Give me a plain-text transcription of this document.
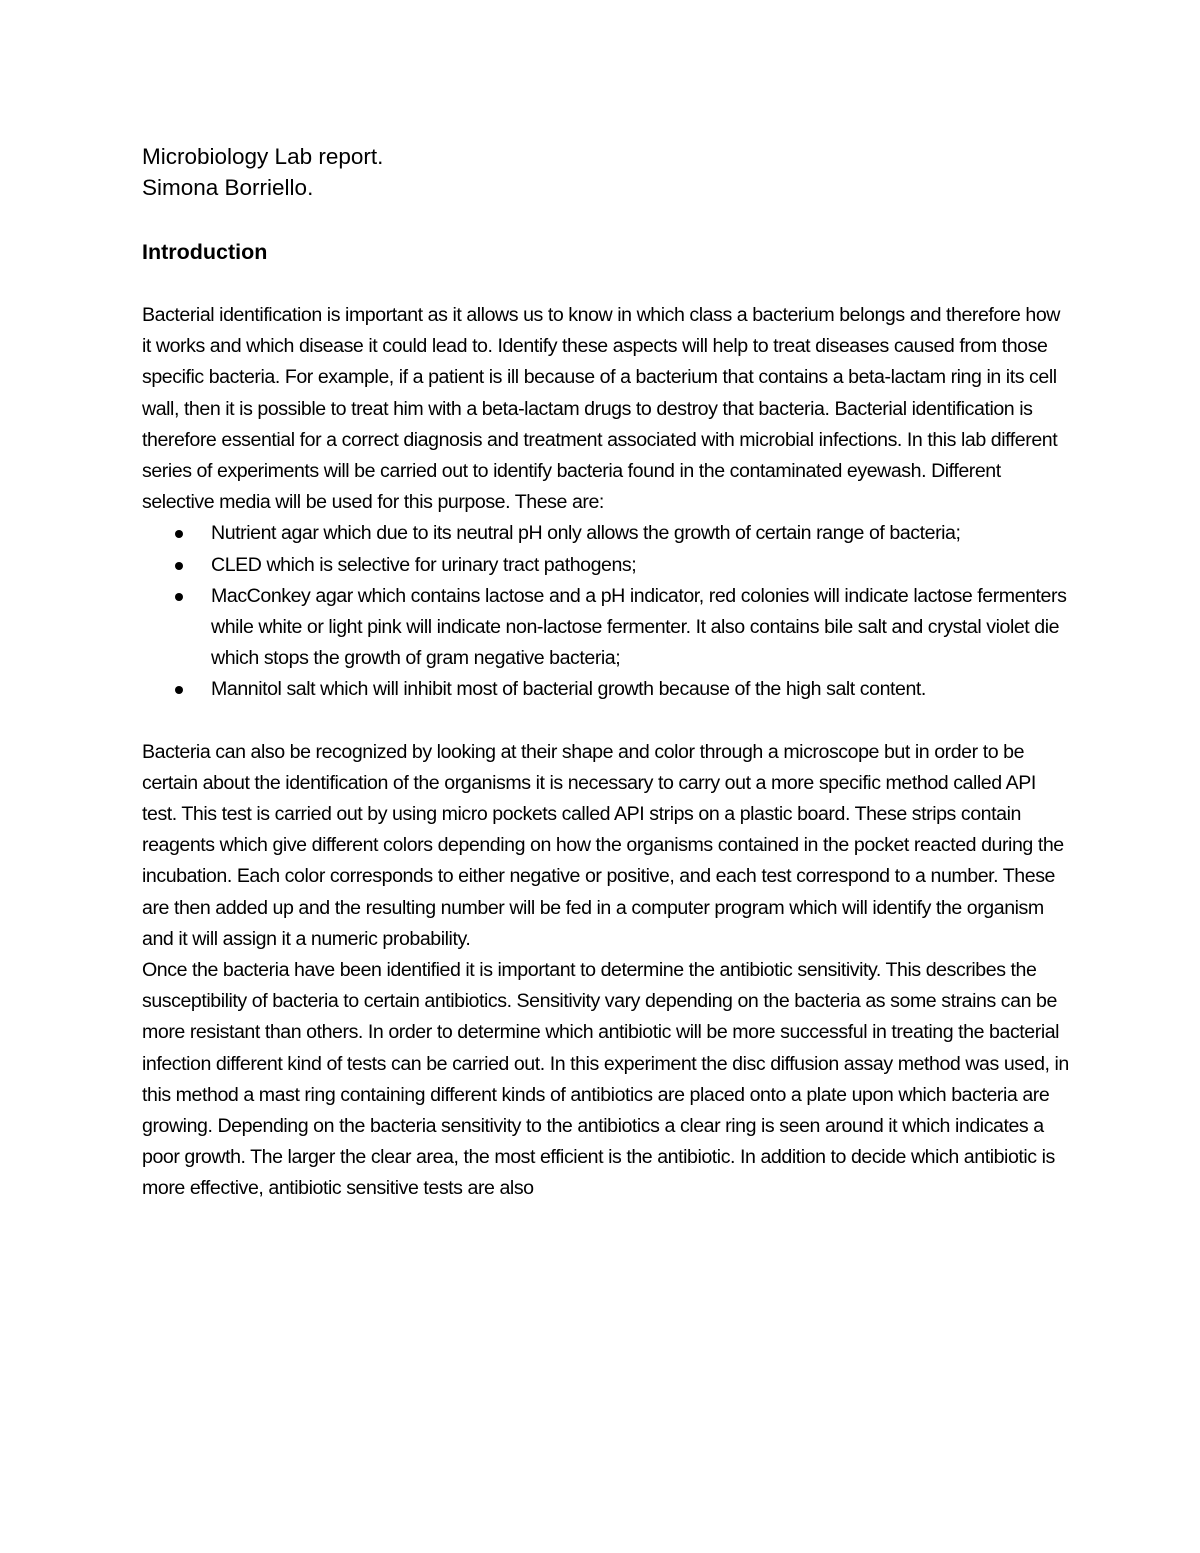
Microbiology Lab report.

Simona Borriello.

Introduction

Bacterial identification is important as it allows us to know in which class a bacterium belongs and therefore how it works and which disease it could lead to. Identify these aspects will help to treat diseases caused from those specific bacteria. For example, if a patient is ill because of a bacterium that contains a beta-lactam ring in its cell wall, then it is possible to treat him with a beta-lactam drugs to destroy that bacteria. Bacterial identification is therefore essential for a correct diagnosis and treatment associated with microbial infections. In this lab different series of experiments will be carried out to identify bacteria found in the contaminated eyewash. Different selective media will be used for this purpose. These are:

Nutrient agar which due to its neutral pH only allows the growth of certain range of bacteria;
CLED which is selective for urinary tract pathogens;
MacConkey agar which contains lactose and a pH indicator, red colonies will indicate lactose fermenters while white or light pink will indicate non-lactose fermenter. It also contains bile salt and crystal violet die which stops the growth of gram negative bacteria;
Mannitol salt which will inhibit most of bacterial growth because of the high salt content.

Bacteria can also be recognized by looking at their shape and color through a microscope but in order to be certain about the identification of the organisms it is necessary to carry out a more specific method called API test. This test is carried out by using micro pockets called API strips on a plastic board. These strips contain reagents which give different colors depending on how the organisms contained in the pocket reacted during the incubation. Each color corresponds to either negative or positive, and each test correspond to a number. These are then added up and the resulting number will be fed in a computer program which will identify the organism and it will assign it a numeric probability.

Once the bacteria have been identified it is important to determine the antibiotic sensitivity. This describes the susceptibility of bacteria to certain antibiotics. Sensitivity vary depending on the bacteria as some strains can be more resistant than others. In order to determine which antibiotic will be more successful in treating the bacterial infection different kind of tests can be carried out. In this experiment the disc diffusion assay method was used, in this method a mast ring containing different kinds of antibiotics are placed onto a plate upon which bacteria are growing. Depending on the bacteria sensitivity to the antibiotics a clear ring is seen around it which indicates a poor growth. The larger the clear area, the most efficient is the antibiotic. In addition to decide which antibiotic is more effective, antibiotic sensitive tests are also
